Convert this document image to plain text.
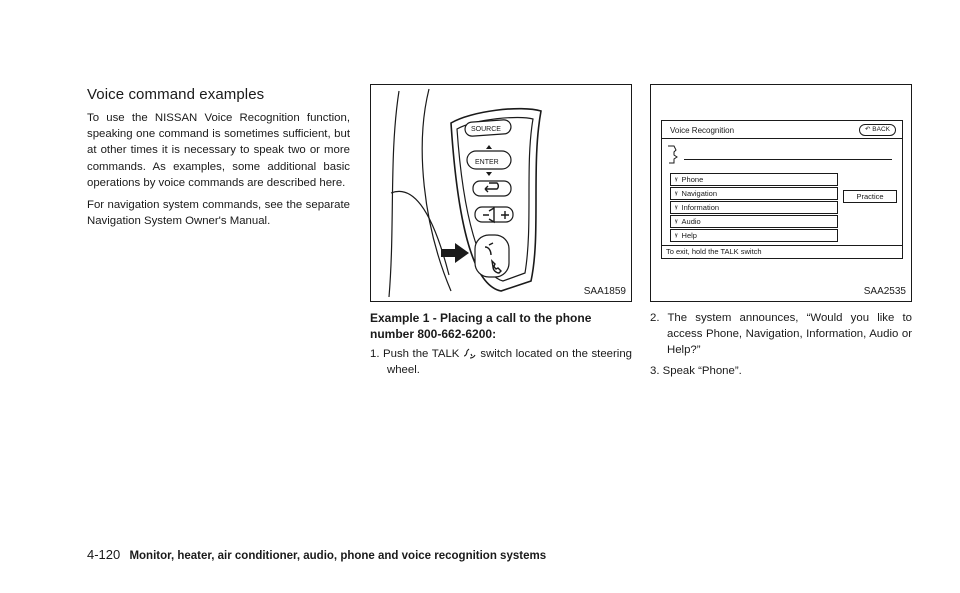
Voice command examples

To use the NISSAN Voice Recognition function, speaking one command is sometimes sufficient, but at other times it is necessary to speak two or more commands. As examples, some additional basic operations by voice commands are described here.

For navigation system commands, see the separate Navigation System Owner's Manual.

SOURCE
ENTER
SAA1859
Voice Recognition	↶ BACK
ᵞ Phone
ᵞ Navigation
ᵞ Information
ᵞ Audio
ᵞ Help
Practice
To exit, hold the TALK switch
SAA2535

Example 1 - Placing a call to the phone number 800-662-6200:

1. Push the TALK switch located on the steering wheel.

2. The system announces, “Would you like to access Phone, Navigation, Information, Audio or Help?”

3. Speak “Phone”.

4-120 Monitor, heater, air conditioner, audio, phone and voice recognition systems
